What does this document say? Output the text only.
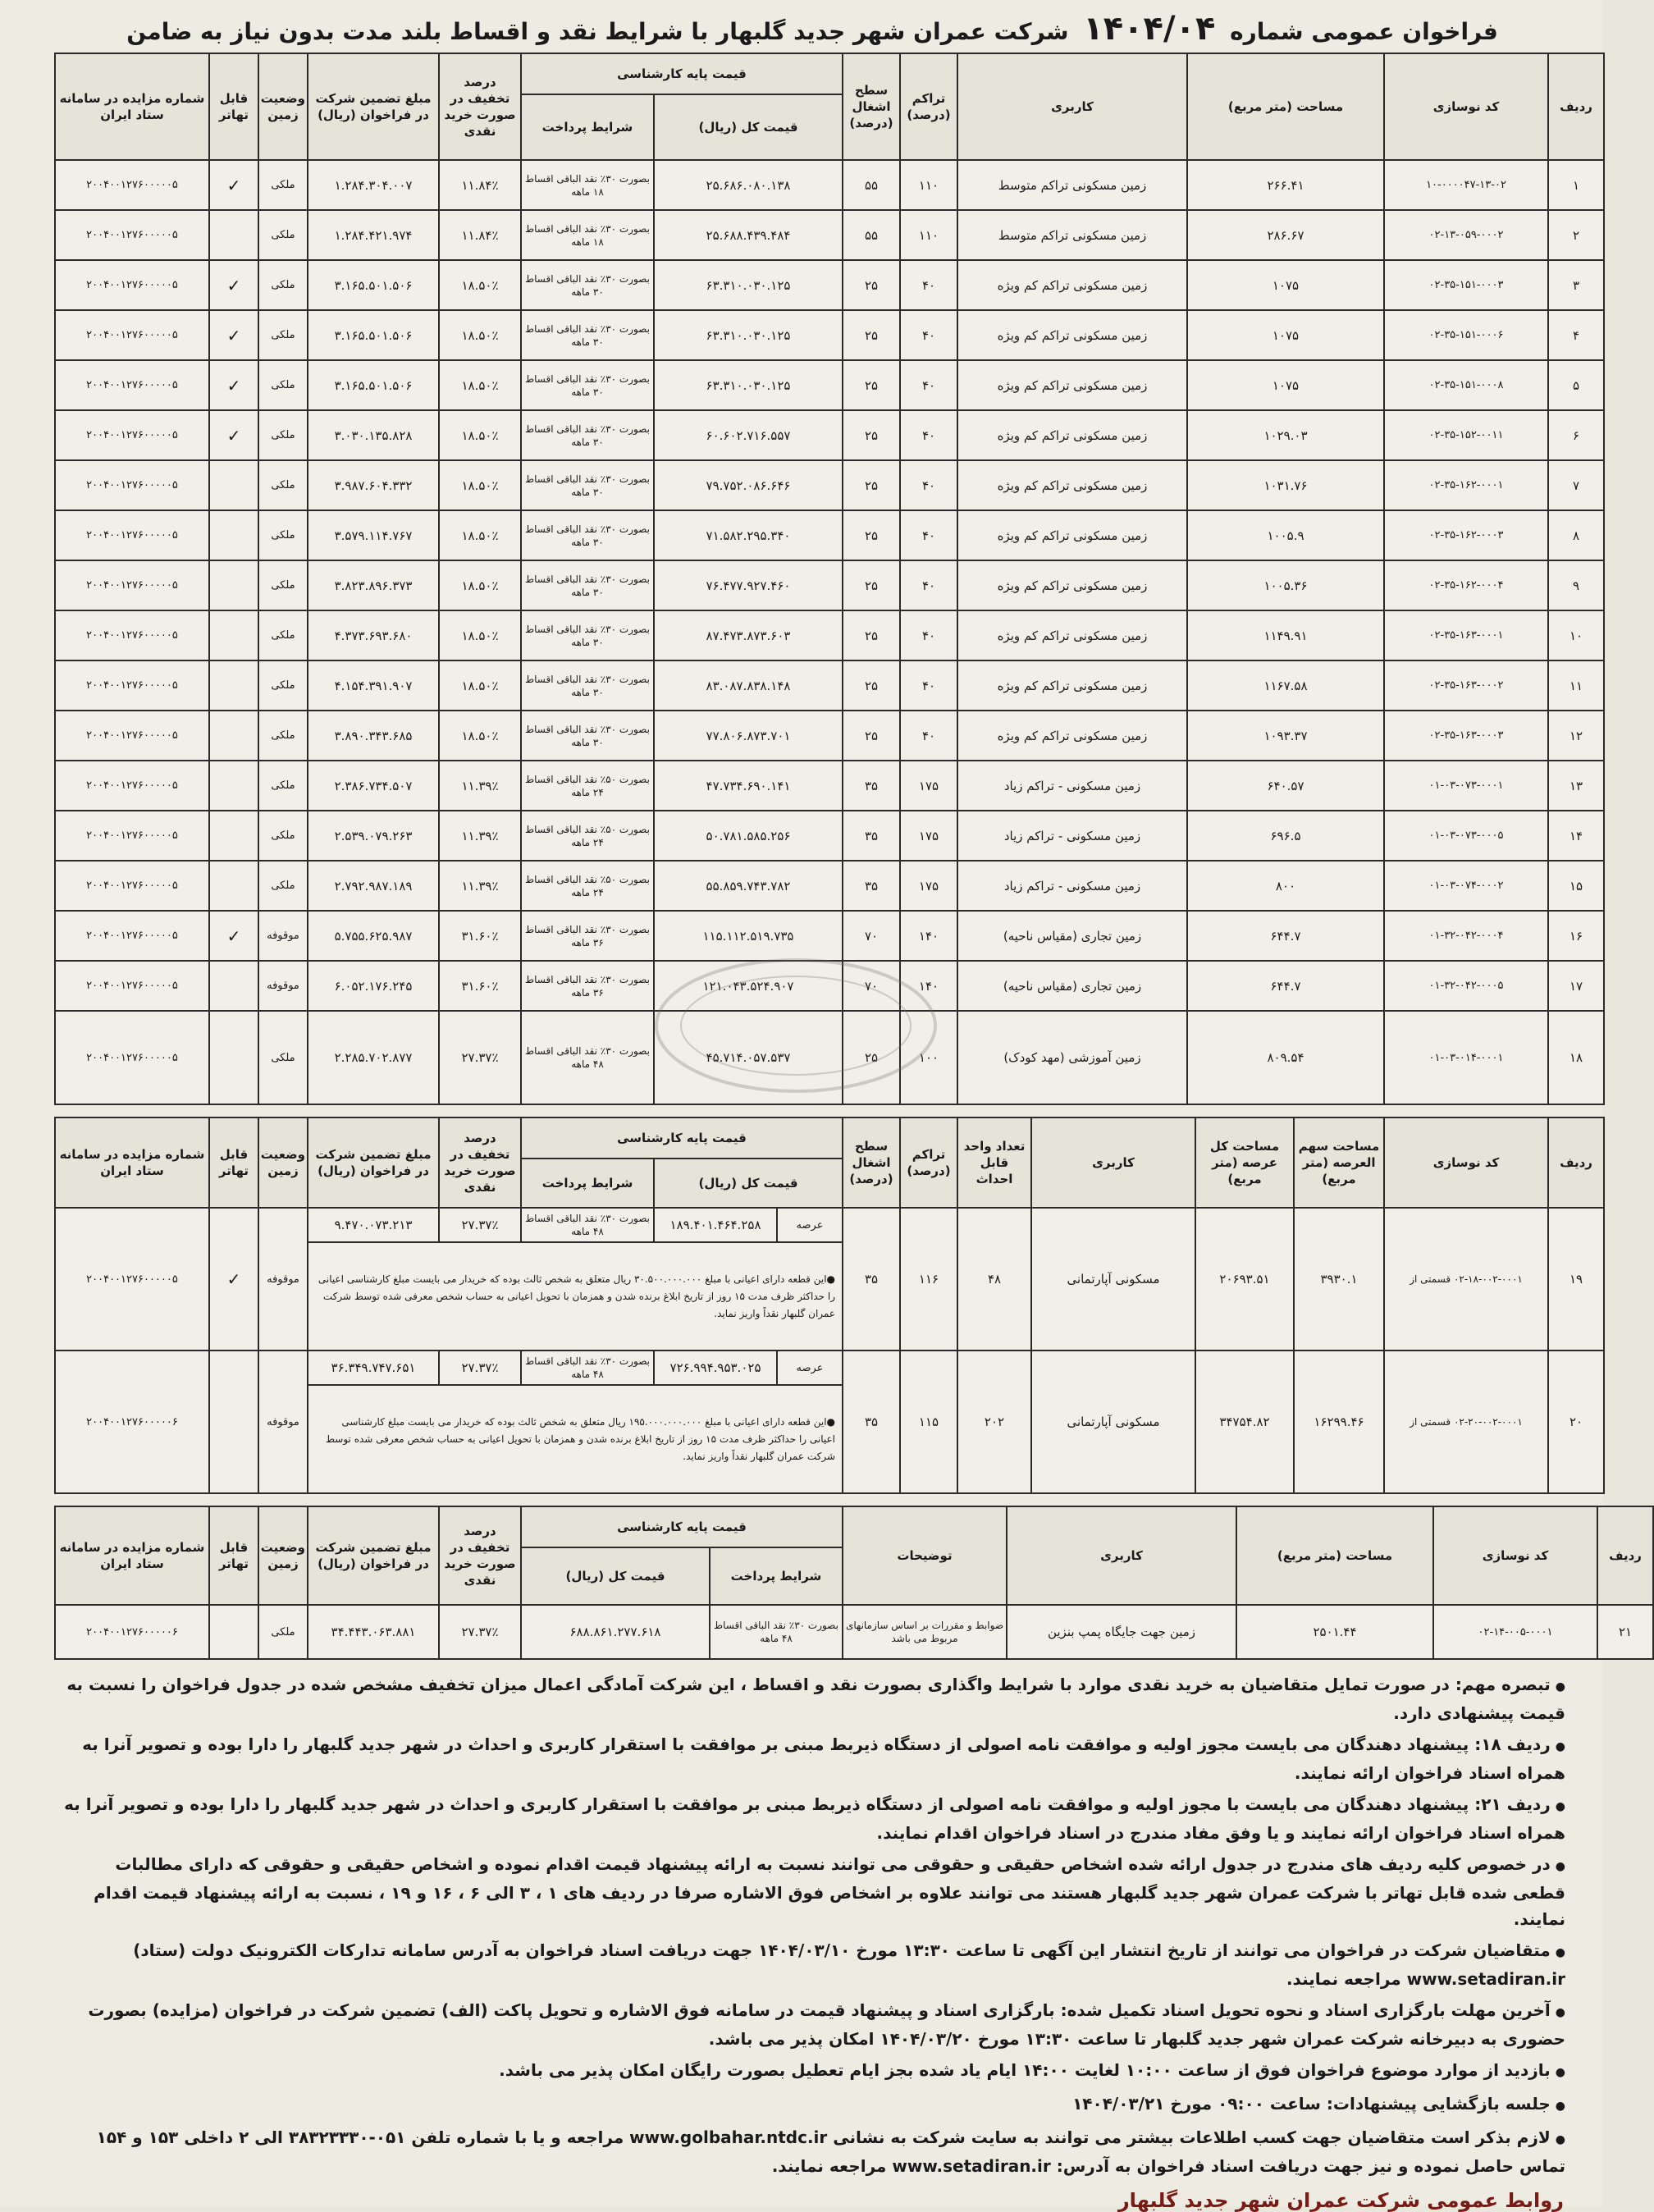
فراخوان عمومی شماره ۱۴۰۴/۰۴ شرکت عمران شهر جدید گلبهار با شرایط نقد و اقساط بلند مدت بدون نیاز به ضامن
ردیف	کد نوسازی	مساحت (متر مربع)	کاربری	تراکم (درصد)	سطح اشغال (درصد)	قیمت پایه کارشناسی		درصد تخفیف در صورت خرید نقدی	مبلغ تضمین شرکت در فراخوان (ریال)	وضعیت زمین	قابل تهاتر	شماره مزایده در سامانه ستاد ایران
						قیمت کل (ریال)	شرایط پرداخت					
۱	۱۰-۰۰۰۰۴۷-۱۳-۰۲	۲۶۶.۴۱	زمین مسکونی تراکم متوسط	۱۱۰	۵۵	۲۵.۶۸۶.۰۸۰.۱۳۸	بصورت ۳۰٪ نقد الباقی اقساط ۱۸ ماهه	۱۱.۸۴٪	۱.۲۸۴.۳۰۴.۰۰۷	ملکی	✓	۲۰۰۴۰۰۱۲۷۶۰۰۰۰۰۵
۲	۰۲-۱۳-۰۵۹-۰۰۰۲	۲۸۶.۶۷	زمین مسکونی تراکم متوسط	۱۱۰	۵۵	۲۵.۶۸۸.۴۳۹.۴۸۴	بصورت ۳۰٪ نقد الباقی اقساط ۱۸ ماهه	۱۱.۸۴٪	۱.۲۸۴.۴۲۱.۹۷۴	ملکی		۲۰۰۴۰۰۱۲۷۶۰۰۰۰۰۵
۳	۰۲-۳۵-۱۵۱-۰۰۰۳	۱۰۷۵	زمین مسکونی تراکم کم ویژه	۴۰	۲۵	۶۳.۳۱۰.۰۳۰.۱۲۵	بصورت ۳۰٪ نقد الباقی اقساط ۳۰ ماهه	۱۸.۵۰٪	۳.۱۶۵.۵۰۱.۵۰۶	ملکی	✓	۲۰۰۴۰۰۱۲۷۶۰۰۰۰۰۵
۴	۰۲-۳۵-۱۵۱-۰۰۰۶	۱۰۷۵	زمین مسکونی تراکم کم ویژه	۴۰	۲۵	۶۳.۳۱۰.۰۳۰.۱۲۵	بصورت ۳۰٪ نقد الباقی اقساط ۳۰ ماهه	۱۸.۵۰٪	۳.۱۶۵.۵۰۱.۵۰۶	ملکی	✓	۲۰۰۴۰۰۱۲۷۶۰۰۰۰۰۵
۵	۰۲-۳۵-۱۵۱-۰۰۰۸	۱۰۷۵	زمین مسکونی تراکم کم ویژه	۴۰	۲۵	۶۳.۳۱۰.۰۳۰.۱۲۵	بصورت ۳۰٪ نقد الباقی اقساط ۳۰ ماهه	۱۸.۵۰٪	۳.۱۶۵.۵۰۱.۵۰۶	ملکی	✓	۲۰۰۴۰۰۱۲۷۶۰۰۰۰۰۵
۶	۰۲-۳۵-۱۵۲-۰۰۱۱	۱۰۲۹.۰۳	زمین مسکونی تراکم کم ویژه	۴۰	۲۵	۶۰.۶۰۲.۷۱۶.۵۵۷	بصورت ۳۰٪ نقد الباقی اقساط ۳۰ ماهه	۱۸.۵۰٪	۳.۰۳۰.۱۳۵.۸۲۸	ملکی	✓	۲۰۰۴۰۰۱۲۷۶۰۰۰۰۰۵
۷	۰۲-۳۵-۱۶۲-۰۰۰۱	۱۰۳۱.۷۶	زمین مسکونی تراکم کم ویژه	۴۰	۲۵	۷۹.۷۵۲.۰۸۶.۶۴۶	بصورت ۳۰٪ نقد الباقی اقساط ۳۰ ماهه	۱۸.۵۰٪	۳.۹۸۷.۶۰۴.۳۳۲	ملکی		۲۰۰۴۰۰۱۲۷۶۰۰۰۰۰۵
۸	۰۲-۳۵-۱۶۲-۰۰۰۳	۱۰۰۵.۹	زمین مسکونی تراکم کم ویژه	۴۰	۲۵	۷۱.۵۸۲.۲۹۵.۳۴۰	بصورت ۳۰٪ نقد الباقی اقساط ۳۰ ماهه	۱۸.۵۰٪	۳.۵۷۹.۱۱۴.۷۶۷	ملکی		۲۰۰۴۰۰۱۲۷۶۰۰۰۰۰۵
۹	۰۲-۳۵-۱۶۲-۰۰۰۴	۱۰۰۵.۳۶	زمین مسکونی تراکم کم ویژه	۴۰	۲۵	۷۶.۴۷۷.۹۲۷.۴۶۰	بصورت ۳۰٪ نقد الباقی اقساط ۳۰ ماهه	۱۸.۵۰٪	۳.۸۲۳.۸۹۶.۳۷۳	ملکی		۲۰۰۴۰۰۱۲۷۶۰۰۰۰۰۵
۱۰	۰۲-۳۵-۱۶۳-۰۰۰۱	۱۱۴۹.۹۱	زمین مسکونی تراکم کم ویژه	۴۰	۲۵	۸۷.۴۷۳.۸۷۳.۶۰۳	بصورت ۳۰٪ نقد الباقی اقساط ۳۰ ماهه	۱۸.۵۰٪	۴.۳۷۳.۶۹۳.۶۸۰	ملکی		۲۰۰۴۰۰۱۲۷۶۰۰۰۰۰۵
۱۱	۰۲-۳۵-۱۶۳-۰۰۰۲	۱۱۶۷.۵۸	زمین مسکونی تراکم کم ویژه	۴۰	۲۵	۸۳.۰۸۷.۸۳۸.۱۴۸	بصورت ۳۰٪ نقد الباقی اقساط ۳۰ ماهه	۱۸.۵۰٪	۴.۱۵۴.۳۹۱.۹۰۷	ملکی		۲۰۰۴۰۰۱۲۷۶۰۰۰۰۰۵
۱۲	۰۲-۳۵-۱۶۳-۰۰۰۳	۱۰۹۳.۳۷	زمین مسکونی تراکم کم ویژه	۴۰	۲۵	۷۷.۸۰۶.۸۷۳.۷۰۱	بصورت ۳۰٪ نقد الباقی اقساط ۳۰ ماهه	۱۸.۵۰٪	۳.۸۹۰.۳۴۳.۶۸۵	ملکی		۲۰۰۴۰۰۱۲۷۶۰۰۰۰۰۵
۱۳	۰۱-۰۳-۰۷۳-۰۰۰۱	۶۴۰.۵۷	زمین مسکونی - تراکم زیاد	۱۷۵	۳۵	۴۷.۷۳۴.۶۹۰.۱۴۱	بصورت ۵۰٪ نقد الباقی اقساط ۲۴ ماهه	۱۱.۳۹٪	۲.۳۸۶.۷۳۴.۵۰۷	ملکی		۲۰۰۴۰۰۱۲۷۶۰۰۰۰۰۵
۱۴	۰۱-۰۳-۰۷۳-۰۰۰۵	۶۹۶.۵	زمین مسکونی - تراکم زیاد	۱۷۵	۳۵	۵۰.۷۸۱.۵۸۵.۲۵۶	بصورت ۵۰٪ نقد الباقی اقساط ۲۴ ماهه	۱۱.۳۹٪	۲.۵۳۹.۰۷۹.۲۶۳	ملکی		۲۰۰۴۰۰۱۲۷۶۰۰۰۰۰۵
۱۵	۰۱-۰۳-۰۷۴-۰۰۰۲	۸۰۰	زمین مسکونی - تراکم زیاد	۱۷۵	۳۵	۵۵.۸۵۹.۷۴۳.۷۸۲	بصورت ۵۰٪ نقد الباقی اقساط ۲۴ ماهه	۱۱.۳۹٪	۲.۷۹۲.۹۸۷.۱۸۹	ملکی		۲۰۰۴۰۰۱۲۷۶۰۰۰۰۰۵
۱۶	۰۱-۳۲-۰۴۲-۰۰۰۴	۶۴۴.۷	زمین تجاری (مقیاس ناحیه)	۱۴۰	۷۰	۱۱۵.۱۱۲.۵۱۹.۷۳۵	بصورت ۳۰٪ نقد الباقی اقساط ۳۶ ماهه	۳۱.۶۰٪	۵.۷۵۵.۶۲۵.۹۸۷	موقوفه	✓	۲۰۰۴۰۰۱۲۷۶۰۰۰۰۰۵
۱۷	۰۱-۳۲-۰۴۲-۰۰۰۵	۶۴۴.۷	زمین تجاری (مقیاس ناحیه)	۱۴۰	۷۰	۱۲۱.۰۴۳.۵۲۴.۹۰۷	بصورت ۳۰٪ نقد الباقی اقساط ۳۶ ماهه	۳۱.۶۰٪	۶.۰۵۲.۱۷۶.۲۴۵	موقوفه		۲۰۰۴۰۰۱۲۷۶۰۰۰۰۰۵
۱۸	۰۱-۰۳-۰۱۴-۰۰۰۱	۸۰۹.۵۴	زمین آموزشی (مهد کودک)	۱۰۰	۲۵	۴۵.۷۱۴.۰۵۷.۵۳۷	بصورت ۳۰٪ نقد الباقی اقساط ۴۸ ماهه	۲۷.۳۷٪	۲.۲۸۵.۷۰۲.۸۷۷	ملکی		۲۰۰۴۰۰۱۲۷۶۰۰۰۰۰۵
ردیف	کد نوسازی	مساحت سهم العرصه (متر مربع)	مساحت کل عرصه (متر مربع)	کاربری	تعداد واحد قابل احداث	تراکم (درصد)	سطح اشغال (درصد)	قیمت پایه کارشناسی			درصد تخفیف در صورت خرید نقدی	مبلغ تضمین شرکت در فراخوان (ریال)	وضعیت زمین	قابل تهاتر	شماره مزایده در سامانه ستاد ایران
								قیمت کل (ریال)		شرایط پرداخت					
۱۹	۰۲-۱۸-۰۰۲-۰۰۰۱ قسمتی از	۳۹۳۰.۱	۲۰۶۹۳.۵۱	مسکونی آپارتمانی	۴۸	۱۱۶	۳۵	عرصه	۱۸۹.۴۰۱.۴۶۴.۲۵۸	بصورت ۳۰٪ نقد الباقی اقساط ۴۸ ماهه	۲۷.۳۷٪	۹.۴۷۰.۰۷۳.۲۱۳	موقوفه	✓	۲۰۰۴۰۰۱۲۷۶۰۰۰۰۰۵
								●این قطعه دارای اعیانی با مبلغ ۳۰.۵۰۰.۰۰۰.۰۰۰ ریال متعلق به شخص ثالث بوده که خریدار می بایست مبلغ کارشناسی اعیانی را حداکثر ظرف مدت ۱۵ روز از تاریخ ابلاغ برنده شدن و همزمان با تحویل اعیانی به حساب شخص معرفی شده توسط شرکت عمران گلبهار نقداً واریز نماید.							
۲۰	۰۲-۲۰-۰۰۲-۰۰۰۱ قسمتی از	۱۶۲۹۹.۴۶	۳۴۷۵۴.۸۲	مسکونی آپارتمانی	۲۰۲	۱۱۵	۳۵	عرصه	۷۲۶.۹۹۴.۹۵۳.۰۲۵	بصورت ۳۰٪ نقد الباقی اقساط ۴۸ ماهه	۲۷.۳۷٪	۳۶.۳۴۹.۷۴۷.۶۵۱	موقوفه		۲۰۰۴۰۰۱۲۷۶۰۰۰۰۰۶
								●این قطعه دارای اعیانی با مبلغ ۱۹۵.۰۰۰.۰۰۰.۰۰۰ ریال متعلق به شخص ثالث بوده که خریدار می بایست مبلغ کارشناسی اعیانی را حداکثر ظرف مدت ۱۵ روز از تاریخ ابلاغ برنده شدن و همزمان با تحویل اعیانی به حساب شخص معرفی شده توسط شرکت عمران گلبهار نقداً واریز نماید.							
ردیف	کد نوسازی	مساحت (متر مربع)	کاربری	توضیحات	قیمت پایه کارشناسی		درصد تخفیف در صورت خرید نقدی	مبلغ تضمین شرکت در فراخوان (ریال)	وضعیت زمین	قابل تهاتر	شماره مزایده در سامانه ستاد ایران
					شرایط پرداخت	قیمت کل (ریال)					
۲۱	۰۲-۱۴-۰۰۵-۰۰۰۱	۲۵۰۱.۴۴	زمین جهت جایگاه پمپ بنزین	ضوابط و مقررات بر اساس سازمانهای مربوط می باشد	بصورت ۳۰٪ نقد الباقی اقساط ۴۸ ماهه	۶۸۸.۸۶۱.۲۷۷.۶۱۸	۲۷.۳۷٪	۳۴.۴۴۳.۰۶۳.۸۸۱	ملکی		۲۰۰۴۰۰۱۲۷۶۰۰۰۰۰۶

●تبصره مهم: در صورت تمایل متقاضیان به خرید نقدی موارد با شرایط واگذاری بصورت نقد و اقساط ، این شرکت آمادگی اعمال میزان تخفیف مشخص شده در جدول فراخوان را نسبت به قیمت پیشنهادی دارد.

●ردیف ۱۸: پیشنهاد دهندگان می بایست مجوز اولیه و موافقت نامه اصولی از دستگاه ذیربط مبنی بر موافقت با استقرار کاربری و احداث در شهر جدید گلبهار را دارا بوده و تصویر آنرا به همراه اسناد فراخوان ارائه نمایند.

●ردیف ۲۱: پیشنهاد دهندگان می بایست با مجوز اولیه و موافقت نامه اصولی از دستگاه ذیربط مبنی بر موافقت با استقرار کاربری و احداث در شهر جدید گلبهار را دارا بوده و تصویر آنرا به همراه اسناد فراخوان ارائه نمایند و یا وفق مفاد مندرج در اسناد فراخوان اقدام نمایند.

●در خصوص کلیه ردیف های مندرج در جدول ارائه شده اشخاص حقیقی و حقوقی می توانند نسبت به ارائه پیشنهاد قیمت اقدام نموده و اشخاص حقیقی و حقوقی که دارای مطالبات قطعی شده قابل تهاتر با شرکت عمران شهر جدید گلبهار هستند می توانند علاوه بر اشخاص فوق الاشاره صرفا در ردیف های ۱ ، ۳ الی ۶ ، ۱۶ و ۱۹ ، نسبت به ارائه پیشنهاد قیمت اقدام نمایند.

●متقاضیان شرکت در فراخوان می توانند از تاریخ انتشار این آگهی تا ساعت ۱۳:۳۰ مورخ ۱۴۰۴/۰۳/۱۰ جهت دریافت اسناد فراخوان به آدرس سامانه تدارکات الکترونیک دولت (ستاد) www.setadiran.ir مراجعه نمایند.

●آخرین مهلت بارگزاری اسناد و نحوه تحویل اسناد تکمیل شده: بارگزاری اسناد و پیشنهاد قیمت در سامانه فوق الاشاره و تحویل پاکت (الف) تضمین شرکت در فراخوان (مزایده) بصورت حضوری به دبیرخانه شرکت عمران شهر جدید گلبهار تا ساعت ۱۳:۳۰ مورخ ۱۴۰۴/۰۳/۲۰ امکان پذیر می باشد.

●بازدید از موارد موضوع فراخوان فوق از ساعت ۱۰:۰۰ لغایت ۱۴:۰۰ ایام یاد شده بجز ایام تعطیل بصورت رایگان امکان پذیر می باشد.

●جلسه بازگشایی پیشنهادات: ساعت ۰۹:۰۰ مورخ ۱۴۰۴/۰۳/۲۱

●لازم بذکر است متقاضیان جهت کسب اطلاعات بیشتر می توانند به سایت شرکت به نشانی www.golbahar.ntdc.ir مراجعه و یا با شماره تلفن ۰۵۱-۳۸۳۲۳۳۳۰ الی ۲ داخلی ۱۵۳ و ۱۵۴ تماس حاصل نموده و نیز جهت دریافت اسناد فراخوان به آدرس: www.setadiran.ir مراجعه نمایند.

روابط عمومی شرکت عمران شهر جدید گلبهار
